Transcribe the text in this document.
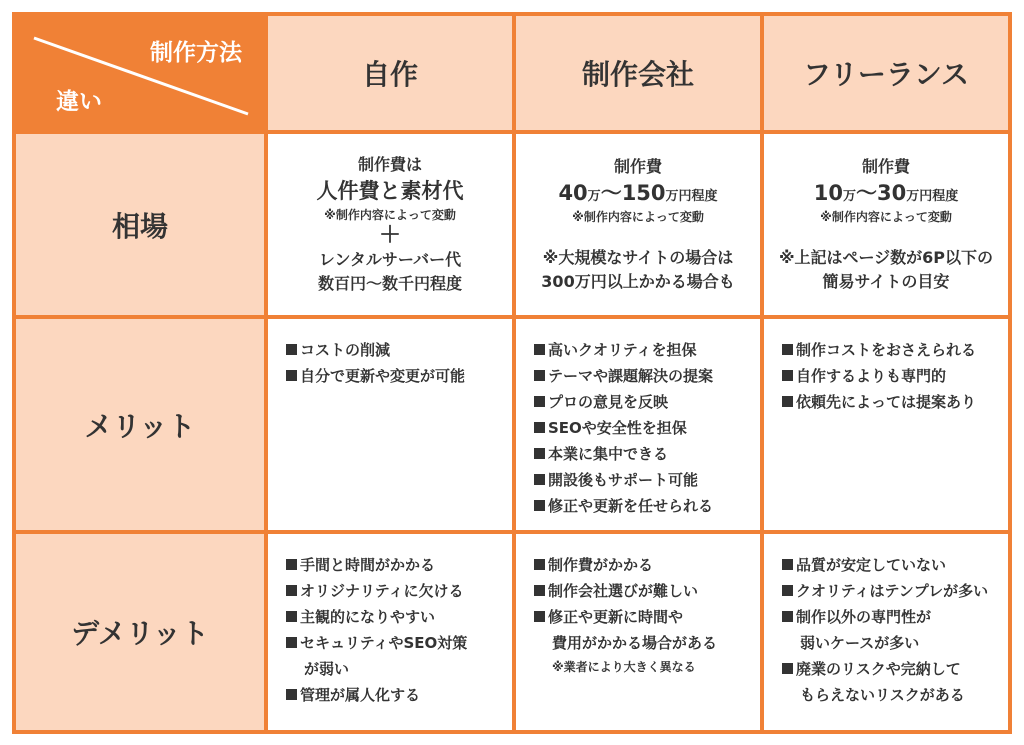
制作方法
違い
自作	制作会社	フリーランス
相場
制作費は
人件費と素材代
※制作内容によって変動
＋
レンタルサーバー代
数百円〜数千円程度
制作費
40万〜150万円程度
※制作内容によって変動
※大規模なサイトの場合は
300万円以上かかる場合も
制作費
10万〜30万円程度
※制作内容によって変動
※上記はページ数が6P以下の
簡易サイトの目安
メリット
コストの削減
自分で更新や変更が可能
高いクオリティを担保
テーマや課題解決の提案
プロの意見を反映
SEOや安全性を担保
本業に集中できる
開設後もサポート可能
修正や更新を任せられる
制作コストをおさえられる
自作するよりも専門的
依頼先によっては提案あり
デメリット
手間と時間がかかる
オリジナリティに欠ける
主観的になりやすい
セキュリティやSEO対策
が弱い
管理が属人化する
制作費がかかる
制作会社選びが難しい
修正や更新に時間や
費用がかかる場合がある
※業者により大きく異なる
品質が安定していない
クオリティはテンプレが多い
制作以外の専門性が
弱いケースが多い
廃業のリスクや完納して
もらえないリスクがある
